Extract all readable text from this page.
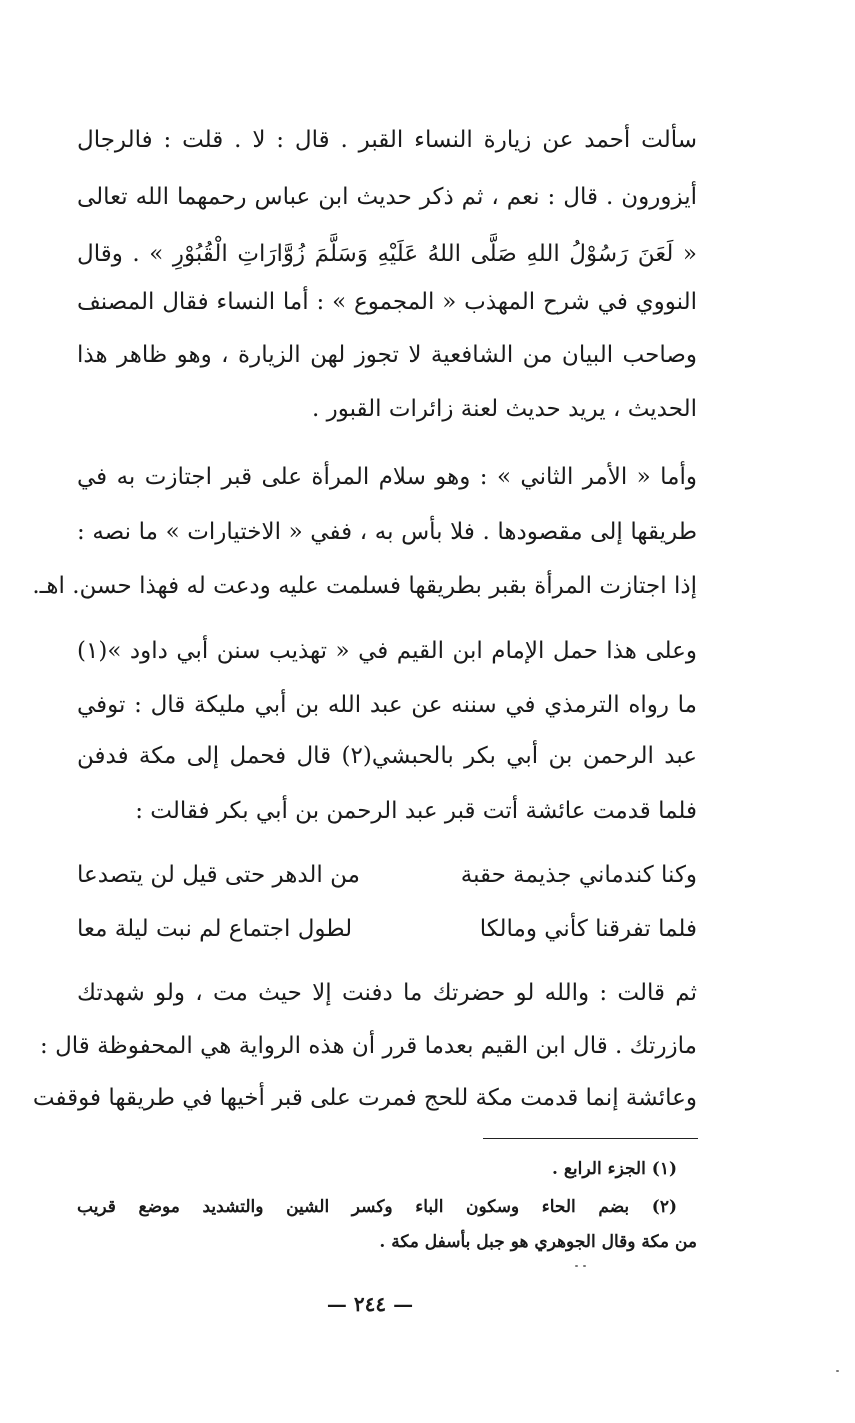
سألت أحمد عن زيارة النساء القبر . قال : لا . قلت : فالرجال

أيزورون . قال : نعم ، ثم ذكر حديث ابن عباس رحمهما الله تعالى

« لَعَنَ رَسُوْلُ اللهِ صَلَّى اللهُ عَلَيْهِ وَسَلَّمَ زُوَّارَاتِ الْقُبُوْرِ » . وقال

النووي في شرح المهذب « المجموع » : أما النساء فقال المصنف

وصاحب البيان من الشافعية لا تجوز لهن الزيارة ، وهو ظاهر هذا

الحديث ، يريد حديث لعنة زائرات القبور .

وأما « الأمر الثاني » : وهو سلام المرأة على قبر اجتازت به في

طريقها إلى مقصودها . فلا بأس به ، ففي « الاختيارات » ما نصه :

إذا اجتازت المرأة بقبر بطريقها فسلمت عليه ودعت له فهذا حسن. اهـ.

وعلى هذا حمل الإمام ابن القيم في « تهذيب سنن أبي داود »(١)

ما رواه الترمذي في سننه عن عبد الله بن أبي مليكة قال : توفي

عبد الرحمن بن أبي بكر بالحبشي(٢) قال فحمل إلى مكة فدفن

فلما قدمت عائشة أتت قبر عبد الرحمن بن أبي بكر فقالت :

وكنا كندماني جذيمة حقبة
من الدهر حتى قيل لن يتصدعا
فلما تفرقنا كأني ومالكا
لطول اجتماع لم نبت ليلة معا

ثم قالت : والله لو حضرتك ما دفنت إلا حيث مت ، ولو شهدتك

مازرتك . قال ابن القيم بعدما قرر أن هذه الرواية هي المحفوظة قال :

وعائشة إنما قدمت مكة للحج فمرت على قبر أخيها في طريقها فوقفت

(١) الجزء الرابع .

(٢) بضم الحاء وسكون الباء وكسر الشين والتشديد موضع قريب

من مكة وقال الجوهري هو جبل بأسفل مكة .

— ٢٤٤ —
